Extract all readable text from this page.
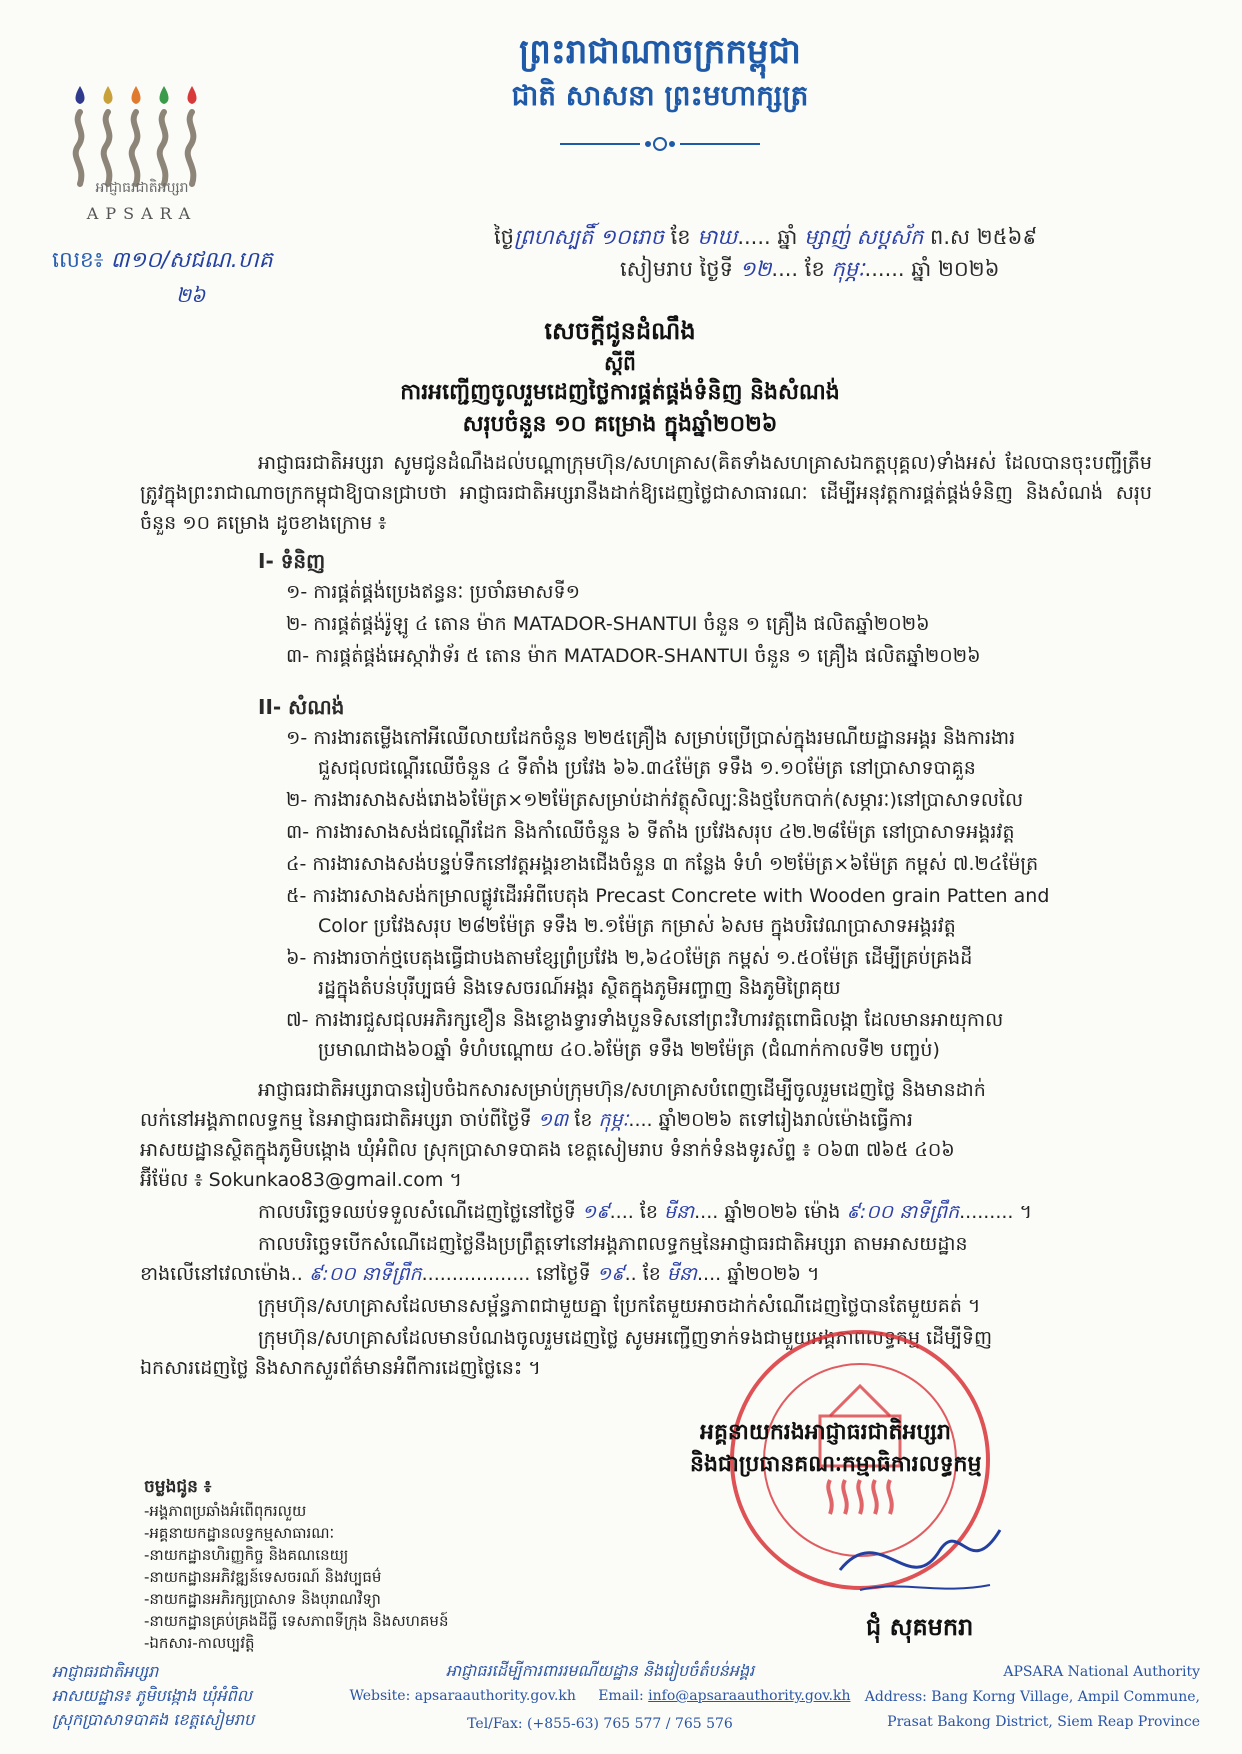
អាជ្ញាធរជាតិអប្សរា
APSARA
ព្រះរាជាណាចក្រកម្ពុជា
ជាតិ សាសនា ព្រះមហាក្សត្រ
លេខ៖ ៣១០/សជណ.ហគ
២៦
ថ្ងៃព្រហស្បតិ៍ ១០រោច ខែ មាឃ..... ឆ្នាំ ម្សាញ់ សប្តស័ក ព.ស ២៥៦៩
សៀមរាប ថ្ងៃទី ១២.... ខែ កុម្ភៈ...... ឆ្នាំ ២០២៦
សេចក្តីជូនដំណឹង
ស្តីពី
ការអញ្ជើញចូលរួមដេញថ្លៃការផ្គត់ផ្គង់ទំនិញ និងសំណង់
សរុបចំនួន ១០ គម្រោង ក្នុងឆ្នាំ២០២៦
អាជ្ញាធរជាតិអប្សរា សូមជូនដំណឹងដល់បណ្តាក្រុមហ៊ុន/សហគ្រាស(គិតទាំងសហគ្រាសឯកត្តបុគ្គល)ទាំងអស់ ដែលបានចុះបញ្ជីត្រឹមត្រូវក្នុងព្រះរាជាណាចក្រកម្ពុជាឱ្យបានជ្រាបថា អាជ្ញាធរជាតិអប្សរានឹងដាក់ឱ្យដេញថ្លៃជាសាធារណៈ ដើម្បីអនុវត្តការផ្គត់ផ្គង់ទំនិញ និងសំណង់ សរុបចំនួន ១០ គម្រោង ដូចខាងក្រោម ៖
I- ទំនិញ
១- ការផ្គត់ផ្គង់ប្រេងឥន្ធនៈ ប្រចាំឆមាសទី១
២- ការផ្គត់ផ្គង់រ៉ូឡូ ៤ តោន ម៉ាក MATADOR-SHANTUI ចំនួន ១ គ្រឿង ផលិតឆ្នាំ២០២៦
៣- ការផ្គត់ផ្គង់អេស្កាវ៉ាទ័រ ៥ តោន ម៉ាក MATADOR-SHANTUI ចំនួន ១ គ្រឿង ផលិតឆ្នាំ២០២៦
II- សំណង់
១- ការងារតម្លើងកៅអីឈើលាយដែកចំនួន ២២៥គ្រឿង សម្រាប់ប្រើប្រាស់ក្នុងរមណីយដ្ឋានអង្គរ និងការងារ
ជួសជុលជណ្តើរឈើចំនួន ៤ ទីតាំង ប្រវែង ៦៦.៣៤ម៉ែត្រ ទទឹង ១.១០ម៉ែត្រ នៅប្រាសាទបាគួន
២- ការងារសាងសង់រោង៦ម៉ែត្រ×១២ម៉ែត្រសម្រាប់ដាក់វត្ថុសិល្បៈនិងថ្មបែកបាក់(សម្ភារៈ)នៅប្រាសាទលលៃ
៣- ការងារសាងសង់ជណ្តើរដែក និងកាំឈើចំនួន ៦ ទីតាំង ប្រវែងសរុប ៤២.២៨ម៉ែត្រ នៅប្រាសាទអង្គរវត្ត
៤- ការងារសាងសង់បន្ទប់ទឹកនៅវត្តអង្គរខាងជើងចំនួន ៣ កន្លែង ទំហំ ១២ម៉ែត្រ×៦ម៉ែត្រ កម្ពស់ ៧.២៤ម៉ែត្រ
៥- ការងារសាងសង់កម្រាលផ្លូវដើរអំពីបេតុង Precast Concrete with Wooden grain Patten and
Color ប្រវែងសរុប ២៨២ម៉ែត្រ ទទឹង ២.១ម៉ែត្រ កម្រាស់ ៦សម ក្នុងបរិវេណប្រាសាទអង្គរវត្ត
៦- ការងារចាក់ថ្មបេតុងធ្វើជាបងតាមខ្សែព្រំប្រវែង ២,៦៤០ម៉ែត្រ កម្ពស់ ១.៥០ម៉ែត្រ ដើម្បីគ្រប់គ្រងដី
រដ្ឋក្នុងតំបន់បុរីប្បធម៌ និងទេសចរណ៍អង្គរ ស្ថិតក្នុងភូមិអញ្ចាញ និងភូមិព្រៃគុយ
៧- ការងារជួសជុលអភិរក្សខឿន និងខ្លោងទ្វារទាំងបួនទិសនៅព្រះវិហារវត្តពោធិលង្កា ដែលមានអាយុកាល
ប្រមាណជាង៦០ឆ្នាំ ទំហំបណ្តោយ ៤០.៦ម៉ែត្រ ទទឹង ២២ម៉ែត្រ (ជំណាក់កាលទី២ បញ្ចប់)
អាជ្ញាធរជាតិអប្សរាបានរៀបចំឯកសារសម្រាប់ក្រុមហ៊ុន/សហគ្រាសបំពេញដើម្បីចូលរួមដេញថ្លៃ និងមានដាក់
លក់នៅអង្គភាពលទ្ធកម្ម នៃអាជ្ញាធរជាតិអប្សរា ចាប់ពីថ្ងៃទី ១៣ ខែ កុម្ភៈ.... ឆ្នាំ២០២៦ តទៅរៀងរាល់ម៉ោងធ្វើការ
អាសយដ្ឋានស្ថិតក្នុងភូមិបង្កោង ឃុំអំពិល ស្រុកប្រាសាទបាគង ខេត្តសៀមរាប ទំនាក់ទំនងទូរស័ព្ទ ៖ ០៦៣ ៧៦៥ ៤០៦
អ៊ីម៉ែល ៖ Sokunkao83@gmail.com ។
កាលបរិច្ឆេទឈប់ទទួលសំណើដេញថ្លៃនៅថ្ងៃទី ១៩.... ខែ មីនា.... ឆ្នាំ២០២៦ ម៉ោង ៩:០០ នាទីព្រឹក......... ។
កាលបរិច្ឆេទបើកសំណើដេញថ្លៃនឹងប្រព្រឹត្តទៅនៅអង្គភាពលទ្ធកម្មនៃអាជ្ញាធរជាតិអប្សរា តាមអាសយដ្ឋាន
ខាងលើនៅវេលាម៉ោង.. ៩:០០ នាទីព្រឹក.................. នៅថ្ងៃទី ១៩.. ខែ មីនា.... ឆ្នាំ២០២៦ ។
ក្រុមហ៊ុន/សហគ្រាសដែលមានសម្ព័ន្ធភាពជាមួយគ្នា ប្រែកតែមួយអាចដាក់សំណើដេញថ្លៃបានតែមួយគត់ ។
ក្រុមហ៊ុន/សហគ្រាសដែលមានបំណងចូលរួមដេញថ្លៃ សូមអញ្ជើញទាក់ទងជាមួយអង្គភាពលទ្ធកម្ម ដើម្បីទិញ
ឯកសារដេញថ្លៃ និងសាកសួរព័ត៌មានអំពីការដេញថ្លៃនេះ ។
អគ្គនាយករងអាជ្ញាធរជាតិអប្សរា
និងជាប្រធានគណៈកម្មាធិការលទ្ធកម្ម
ជុំ សុគមករា
ចម្លងជូន ៖
-អង្គភាពប្រឆាំងអំពើពុករលួយ
-អគ្គនាយកដ្ឋានលទ្ធកម្មសាធារណៈ
-នាយកដ្ឋានហិរញ្ញកិច្ច និងគណនេយ្យ
-នាយកដ្ឋានអភិវឌ្ឍន៍ទេសចរណ៍ និងវប្បធម៌
-នាយកដ្ឋានអភិរក្សប្រាសាទ និងបុរាណវិទ្យា
-នាយកដ្ឋានគ្រប់គ្រងដីធ្លី ទេសភាពទីក្រុង និងសហគមន៍
-ឯកសារ-កាលប្បវត្តិ
អាជ្ញាធរជាតិអប្សរា
អាសយដ្ឋាន៖ ភូមិបង្កោង ឃុំអំពិល
ស្រុកប្រាសាទបាគង ខេត្តសៀមរាប
អាជ្ញាធរដើម្បីការពាររមណីយដ្ឋាន និងរៀបចំតំបន់អង្គរ
Website: apsaraauthority.gov.kh Email: info@apsaraauthority.gov.kh
Tel/Fax: (+855-63) 765 577 / 765 576
APSARA National Authority
Address: Bang Korng Village, Ampil Commune,
Prasat Bakong District, Siem Reap Province
